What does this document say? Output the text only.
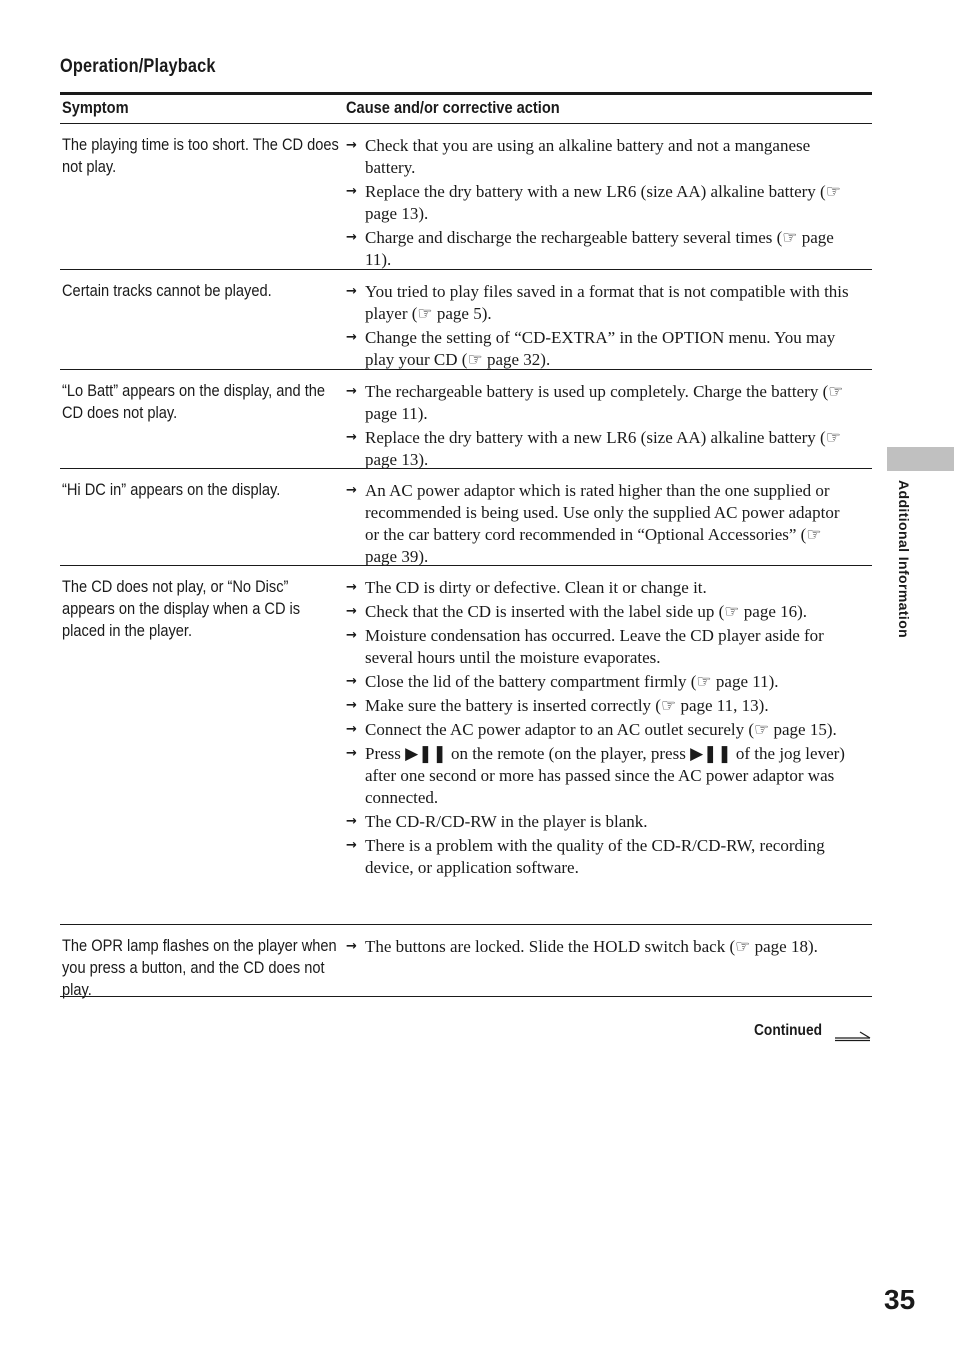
Operation/Playback
Symptom	Cause and/or corrective action
The playing time is too short. The CD does not play.
→ Check that you are using an alkaline battery and not a manganese battery.
→ Replace the dry battery with a new LR6 (size AA) alkaline battery (☞ page 13).
→ Charge and discharge the rechargeable battery several times (☞ page 11).
Certain tracks cannot be played.	→ You tried to play files saved in a format that is not compatible with this player (☞ page 5).
→ Change the setting of “CD-EXTRA” in the OPTION menu. You may play your CD (☞ page 32).
“Lo Batt” appears on the display, and the CD does not play.
→ The rechargeable battery is used up completely. Charge the battery (☞ page 11).
→ Replace the dry battery with a new LR6 (size AA) alkaline battery (☞ page 13).
“Hi DC in” appears on the display.	→ An AC power adaptor which is rated higher than the one supplied or recommended is being used. Use only the supplied AC power adaptor or the car battery cord recommended in “Optional Accessories” (☞ page 39).
The CD does not play, or “No Disc” appears on the display when a CD is placed in the player.
→ The CD is dirty or defective. Clean it or change it.
→ Check that the CD is inserted with the label side up (☞ page 16).
→ Moisture condensation has occurred. Leave the CD player aside for several hours until the moisture evaporates.
→ Close the lid of the battery compartment firmly (☞ page 11).
→ Make sure the battery is inserted correctly (☞ page 11, 13).
→ Connect the AC power adaptor to an AC outlet securely (☞ page 15).
→ Press ▶❚❚ on the remote (on the player, press ▶❚❚ of the jog lever) after one second or more has passed since the AC power adaptor was connected.
→ The CD-R/CD-RW in the player is blank.
→ There is a problem with the quality of the CD-R/CD-RW, recording device, or application software.
The OPR lamp flashes on the player when you press a button, and the CD does not play.
→ The buttons are locked. Slide the HOLD switch back (☞ page 18).
Additional Information
Continued
35
